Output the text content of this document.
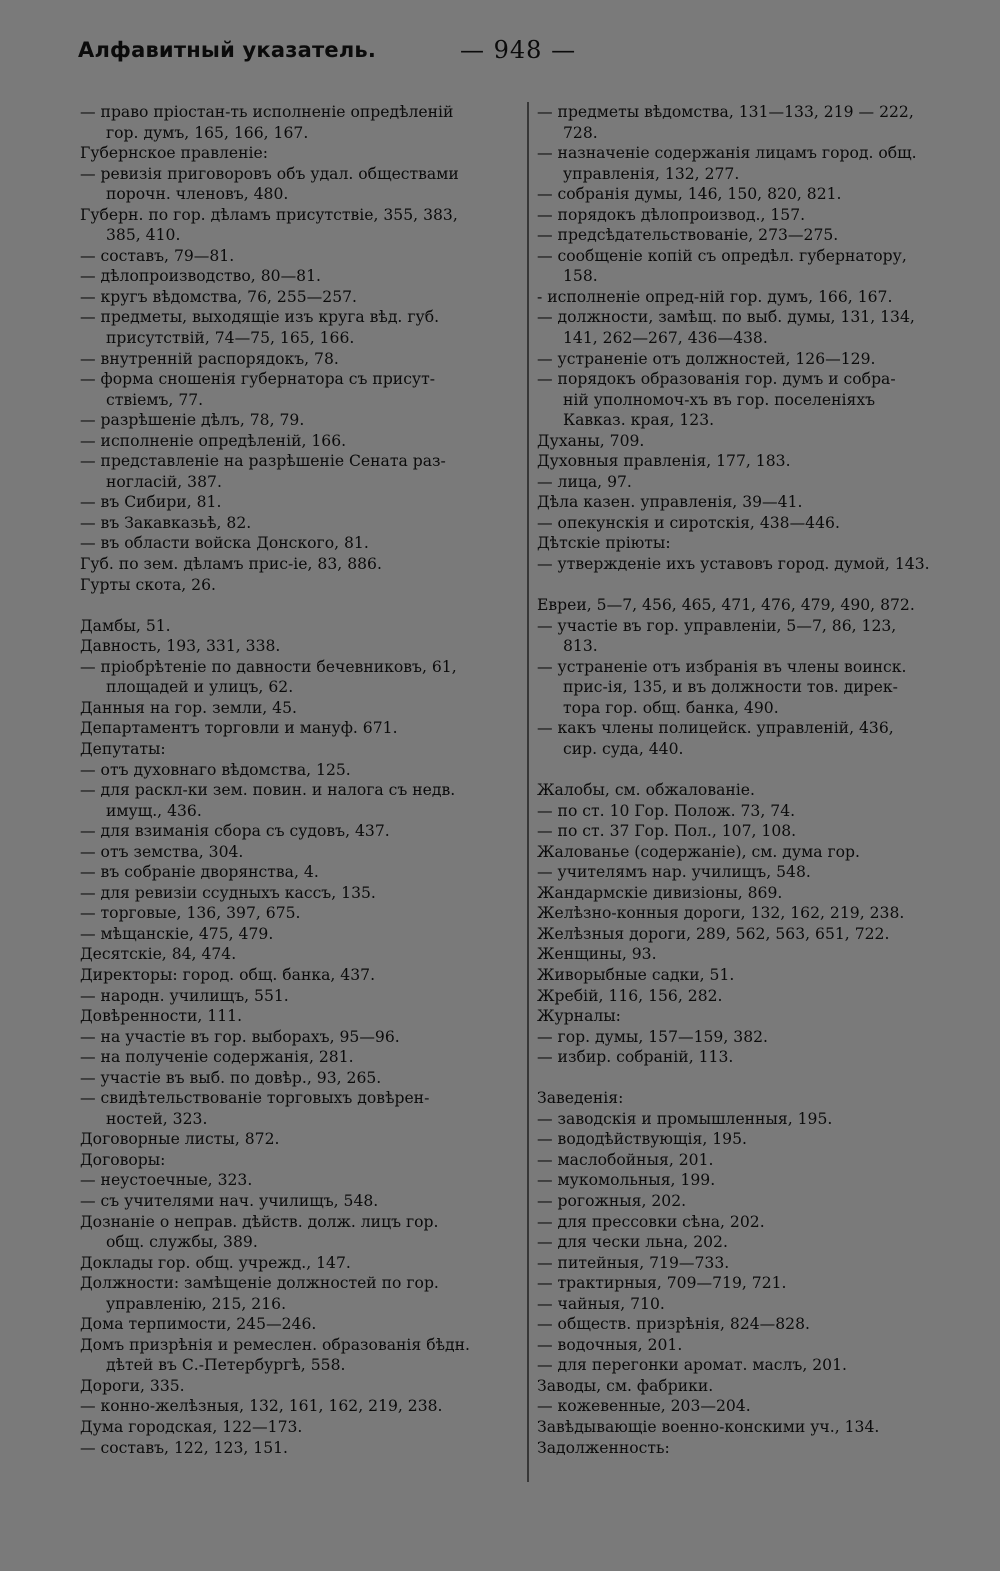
Алфавитный указатель.	— 948 —
— право пріостан-ть исполненіе опредѣленій
гор. думъ, 165, 166, 167.
Губернское правленіе:
— ревизія приговоровъ объ удал. обществами
порочн. членовъ, 480.
Губерн. по гор. дѣламъ присутствіе, 355, 383,
385, 410.
— составъ, 79—81.
— дѣлопроизводство, 80—81.
— кругъ вѣдомства, 76, 255—257.
— предметы, выходящіе изъ круга вѣд. губ.
присутствій, 74—75, 165, 166.
— внутренній распорядокъ, 78.
— форма сношенія губернатора съ присут-
ствіемъ, 77.
— разрѣшеніе дѣлъ, 78, 79.
— исполненіе опредѣленій, 166.
— представленіе на разрѣшеніе Сената раз-
ногласій, 387.
— въ Сибири, 81.
— въ Закавказьѣ, 82.
— въ области войска Донского, 81.
Губ. по зем. дѣламъ прис-іе, 83, 886.
Гурты скота, 26.
Дамбы, 51.
Давность, 193, 331, 338.
— пріобрѣтеніе по давности бечевниковъ, 61,
площадей и улицъ, 62.
Данныя на гор. земли, 45.
Департаментъ торговли и мануф. 671.
Депутаты:
— отъ духовнаго вѣдомства, 125.
— для раскл-ки зем. повин. и налога съ недв.
имущ., 436.
— для взиманія сбора съ судовъ, 437.
— отъ земства, 304.
— въ собраніе дворянства, 4.
— для ревизіи ссудныхъ кассъ, 135.
— торговые, 136, 397, 675.
— мѣщанскіе, 475, 479.
Десятскіе, 84, 474.
Директоры: город. общ. банка, 437.
— народн. училищъ, 551.
Довѣренности, 111.
— на участіе въ гор. выборахъ, 95—96.
— на полученіе содержанія, 281.
— участіе въ выб. по довѣр., 93, 265.
— свидѣтельствованіе торговыхъ довѣрен-
ностей, 323.
Договорные листы, 872.
Договоры:
— неустоечные, 323.
— съ учителями нач. училищъ, 548.
Дознаніе о неправ. дѣйств. долж. лицъ гор.
общ. службы, 389.
Доклады гор. общ. учрежд., 147.
Должности: замѣщеніе должностей по гор.
управленію, 215, 216.
Дома терпимости, 245—246.
Домъ призрѣнія и ремеслен. образованія бѣдн.
дѣтей въ С.-Петербургѣ, 558.
Дороги, 335.
— конно-желѣзныя, 132, 161, 162, 219, 238.
Дума городская, 122—173.
— составъ, 122, 123, 151.
— предметы вѣдомства, 131—133, 219 — 222,
728.
— назначеніе содержанія лицамъ город. общ.
управленія, 132, 277.
— собранія думы, 146, 150, 820, 821.
— порядокъ дѣлопроизвод., 157.
— предсѣдательствованіе, 273—275.
— сообщеніе копій съ опредѣл. губернатору,
158.
- исполненіе опред-ній гор. думъ, 166, 167.
— должности, замѣщ. по выб. думы, 131, 134,
141, 262—267, 436—438.
— устраненіе отъ должностей, 126—129.
— порядокъ образованія гор. думъ и собра-
ній уполномоч-хъ въ гор. поселеніяхъ
Кавказ. края, 123.
Духаны, 709.
Духовныя правленія, 177, 183.
— лица, 97.
Дѣла казен. управленія, 39—41.
— опекунскія и сиротскія, 438—446.
Дѣтскіе пріюты:
— утвержденіе ихъ уставовъ город. думой, 143.
Евреи, 5—7, 456, 465, 471, 476, 479, 490, 872.
— участіе въ гор. управленіи, 5—7, 86, 123,
813.
— устраненіе отъ избранія въ члены воинск.
прис-ія, 135, и въ должности тов. дирек-
тора гор. общ. банка, 490.
— какъ члены полицейск. управленій, 436,
сир. суда, 440.
Жалобы, см. обжалованіе.
— по ст. 10 Гор. Полож. 73, 74.
— по ст. 37 Гор. Пол., 107, 108.
Жалованье (содержаніе), см. дума гор.
— учителямъ нар. училищъ, 548.
Жандармскіе дивизіоны, 869.
Желѣзно-конныя дороги, 132, 162, 219, 238.
Желѣзныя дороги, 289, 562, 563, 651, 722.
Женщины, 93.
Живорыбные садки, 51.
Жребій, 116, 156, 282.
Журналы:
— гор. думы, 157—159, 382.
— избир. собраній, 113.
Заведенія:
— заводскія и промышленныя, 195.
— вододѣйствующія, 195.
— маслобойныя, 201.
— мукомольныя, 199.
— рогожныя, 202.
— для прессовки сѣна, 202.
— для чески льна, 202.
— питейныя, 719—733.
— трактирныя, 709—719, 721.
— чайныя, 710.
— обществ. призрѣнія, 824—828.
— водочныя, 201.
— для перегонки аромат. маслъ, 201.
Заводы, см. фабрики.
— кожевенные, 203—204.
Завѣдывающіе военно-конскими уч., 134.
Задолженность:
